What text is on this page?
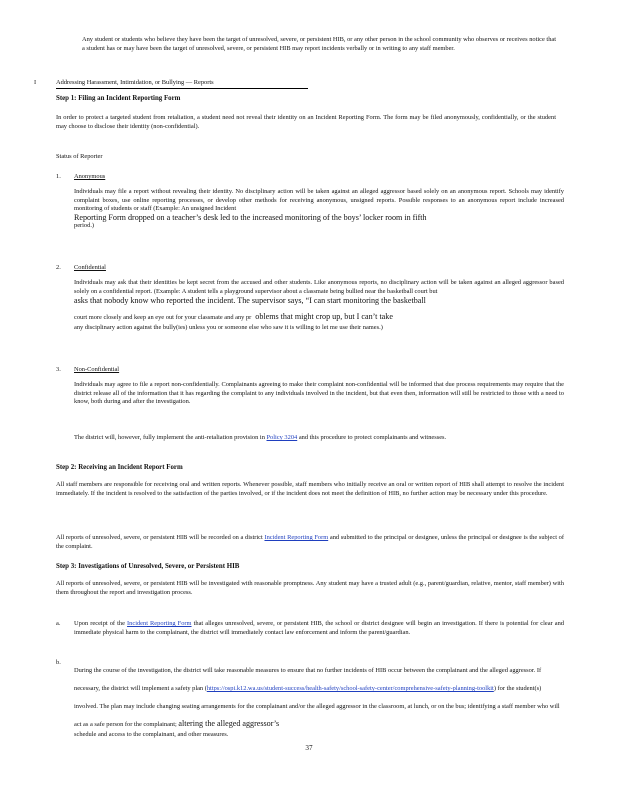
Any student or students who believe they have been the target of unresolved, severe, or persistent HIB, or any other person in the school community who observes or receives notice that a student has or may have been the target of unresolved, severe, or persistent HIB may report incidents verbally or in writing to any staff member.

I	Addressing Harassment, Intimidation, or Bullying — Reports
Step 1: Filing an Incident Reporting Form

In order to protect a targeted student from retaliation, a student need not reveal their identity on an Incident Reporting Form. The form may be filed anonymously, confidentially, or the student may choose to disclose their identity (non-confidential).

Status of Reporter
1. Anonymous

Individuals may file a report without revealing their identity. No disciplinary action will be taken against an alleged aggressor based solely on an anonymous report. Schools may identify complaint boxes, use online reporting processes, or develop other methods for receiving anonymous, unsigned reports. Possible responses to an anonymous report include increased monitoring of students or staff (Example: An unsigned Incident

Reporting Form dropped on a teacher’s desk led to the increased monitoring of the boys’ locker room in fifth

period.)

2. Confidential

Individuals may ask that their identities be kept secret from the accused and other students. Like anonymous reports, no disciplinary action will be taken against an alleged aggressor based solely on a confidential report. (Example: A student tells a playground supervisor about a classmate being bullied near the basketball court but

asks that nobody know who reported the incident. The supervisor says, “I can start monitoring the basketball

court more closely and keep an eye out for your classmate and any pr oblems that might crop up, but I can’t take

any disciplinary action against the bully(ies) unless you or someone else who saw it is willing to let me use their names.)

3. Non-Confidential

Individuals may agree to file a report non-confidentially. Complainants agreeing to make their complaint non-confidential will be informed that due process requirements may require that the district release all of the information that it has regarding the complaint to any individuals involved in the incident, but that even then, information will still be restricted to those with a need to know, both during and after the investigation.

The district will, however, fully implement the anti-retaliation provision in Policy 3204 and this procedure to protect complainants and witnesses.

Step 2: Receiving an Incident Report Form

All staff members are responsible for receiving oral and written reports. Whenever possible, staff members who initially receive an oral or written report of HIB shall attempt to resolve the incident immediately. If the incident is resolved to the satisfaction of the parties involved, or if the incident does not meet the definition of HIB, no further action may be necessary under this procedure.

All reports of unresolved, severe, or persistent HIB will be recorded on a district Incident Reporting Form and submitted to the principal or designee, unless the principal or designee is the subject of the complaint.

Step 3: Investigations of Unresolved, Severe, or Persistent HIB

All reports of unresolved, severe, or persistent HIB will be investigated with reasonable promptness. Any student may have a trusted adult (e.g., parent/guardian, relative, mentor, staff member) with them throughout the report and investigation process.

a. Upon receipt of the Incident Reporting Form that alleges unresolved, severe, or persistent HIB, the school or district designee will begin an investigation. If there is potential for clear and immediate physical harm to the complainant, the district will immediately contact law enforcement and inform the parent/guardian.

b.

During the course of the investigation, the district will take reasonable measures to ensure that no further incidents of HIB occur between the complainant and the alleged aggressor. If necessary, the district will implement a safety plan (https://ospi.k12.wa.us/student-success/health-safety/school-safety-center/comprehensive-safety-planning-toolkit) for the student(s) involved. The plan may include changing seating arrangements for the complainant and/or the alleged aggressor in the classroom, at lunch, or on the bus; identifying a staff member who will act as a safe person for the complainant; altering the alleged aggressor’s

schedule and access to the complainant, and other measures.

37
